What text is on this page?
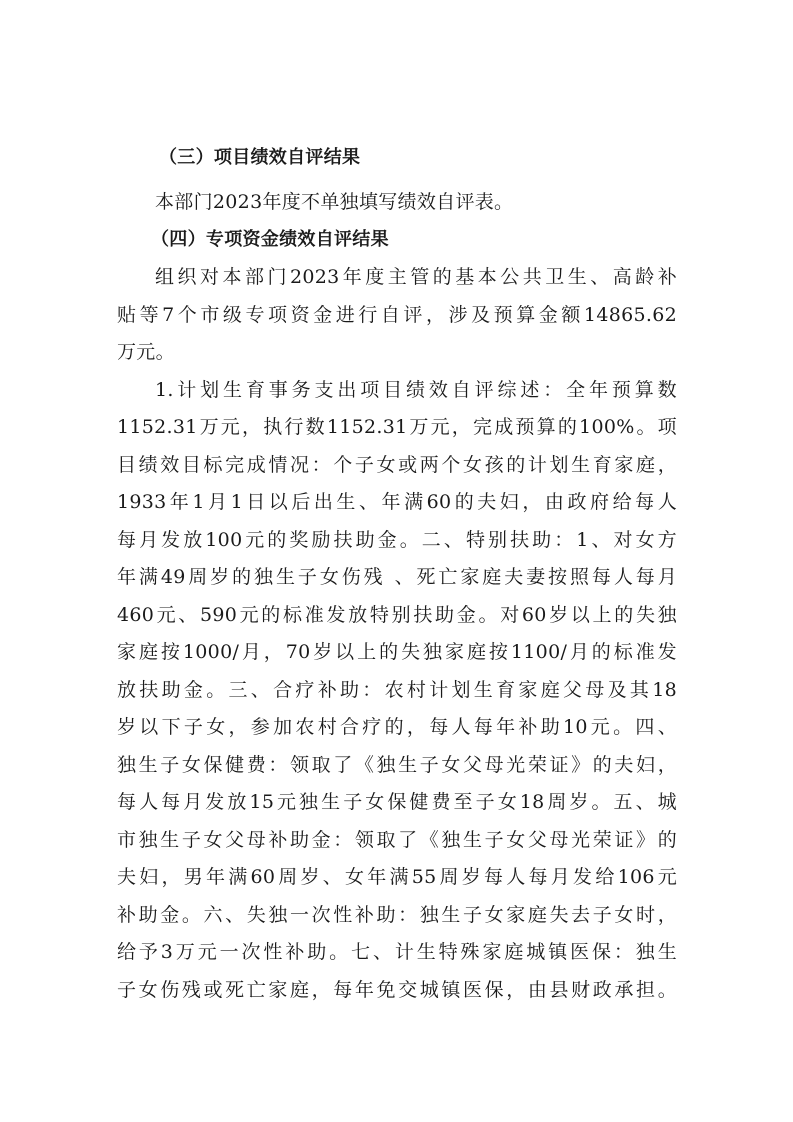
（三）项目绩效自评结果
本部门2023年度不单独填写绩效自评表。
（四）专项资金绩效自评结果
组织对本部门2023年度主管的基本公共卫生、高龄补
贴等7个市级专项资金进行自评，涉及预算金额14865.62
万元。
1.计划生育事务支出项目绩效自评综述：全年预算数
1152.31万元，执行数1152.31万元，完成预算的100%。项
目绩效目标完成情况：个子女或两个女孩的计划生育家庭，
1933年1月1日以后出生、年满60的夫妇，由政府给每人
每月发放100元的奖励扶助金。二、特别扶助：1、对女方
年满49周岁的独生子女伤残 、死亡家庭夫妻按照每人每月
460元、590元的标准发放特别扶助金。对60岁以上的失独
家庭按1000/月，70岁以上的失独家庭按1100/月的标准发
放扶助金。三、合疗补助：农村计划生育家庭父母及其18
岁以下子女，参加农村合疗的，每人每年补助10元。四、
独生子女保健费：领取了《独生子女父母光荣证》的夫妇，
每人每月发放15元独生子女保健费至子女18周岁。五、城
市独生子女父母补助金：领取了《独生子女父母光荣证》的
夫妇，男年满60周岁、女年满55周岁每人每月发给106元
补助金。六、失独一次性补助：独生子女家庭失去子女时，
给予3万元一次性补助。七、计生特殊家庭城镇医保：独生
子女伤残或死亡家庭，每年免交城镇医保，由县财政承担。
